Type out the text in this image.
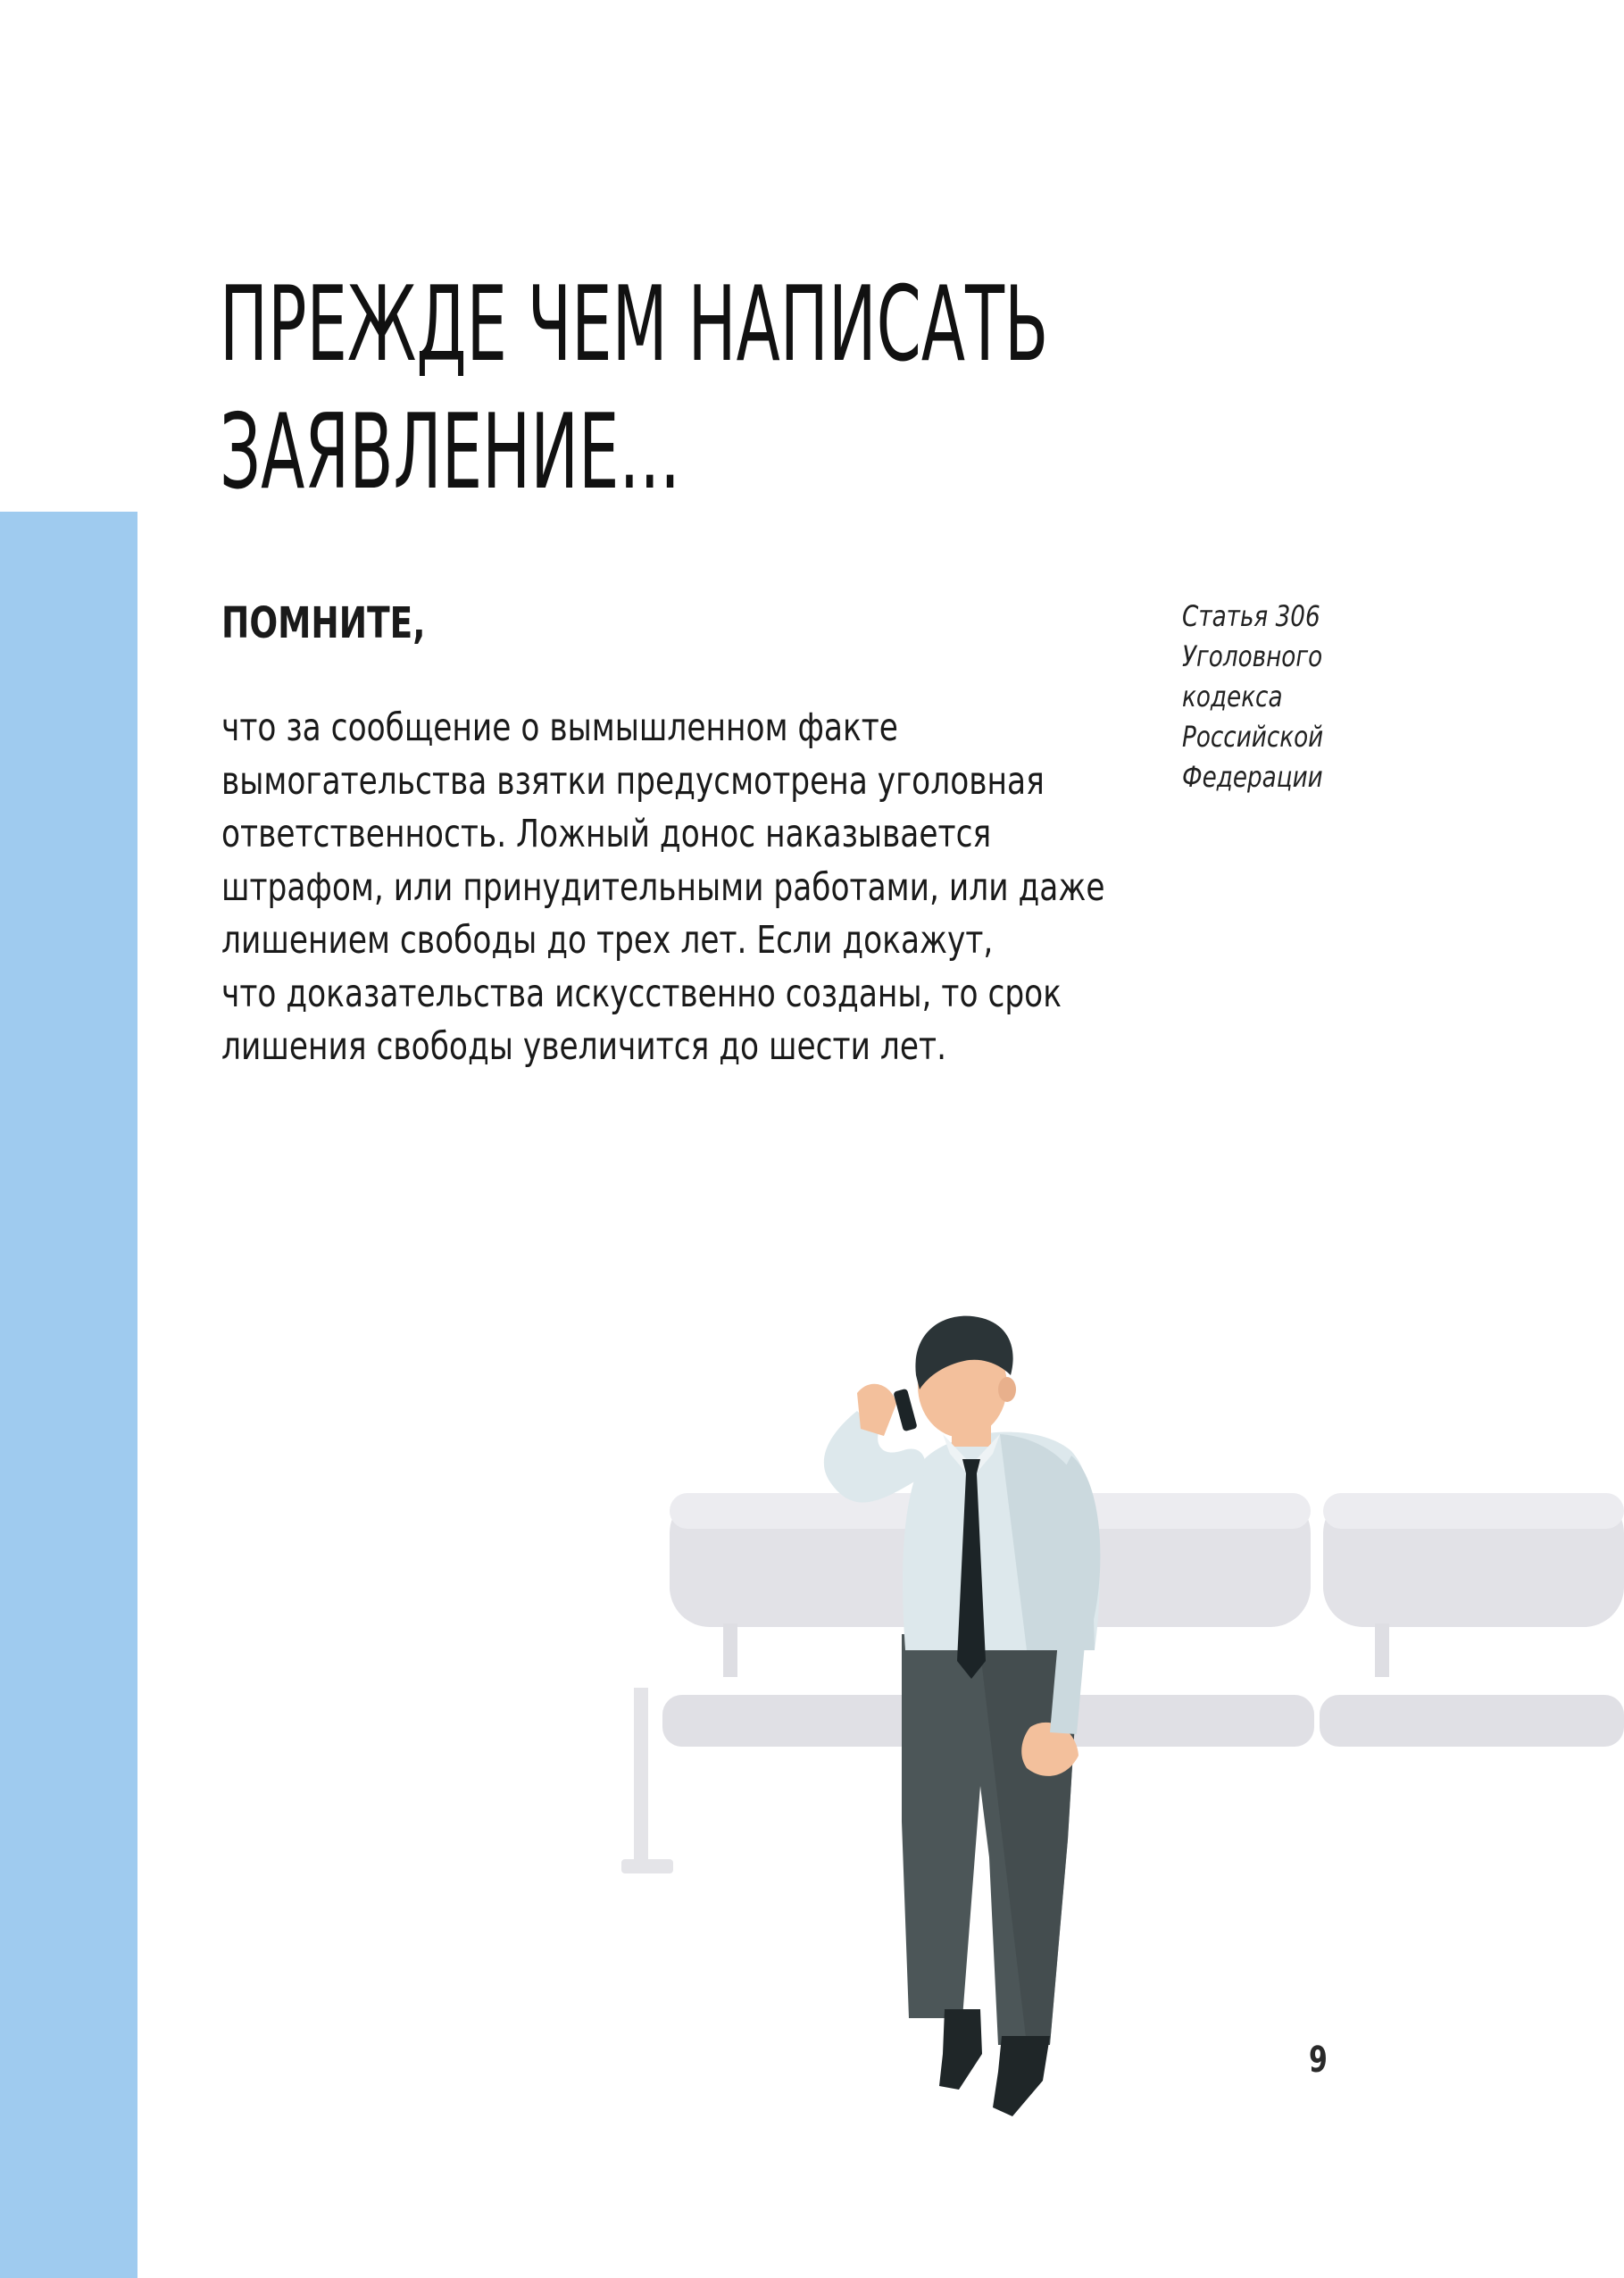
ПРЕЖДЕ ЧЕМ НАПИСАТЬ
ЗАЯВЛЕНИЕ...
ПОМНИТЕ,
что за сообщение о вымышленном факте
вымогательства взятки предусмотрена уголовная
ответственность. Ложный донос наказывается
штрафом, или принудительными работами, или даже
лишением свободы до трех лет. Если докажут,
что доказательства искусственно созданы, то срок
лишения свободы увеличится до шести лет.
Статья 306
Уголовного
кодекса
Российской
Федерации
9
